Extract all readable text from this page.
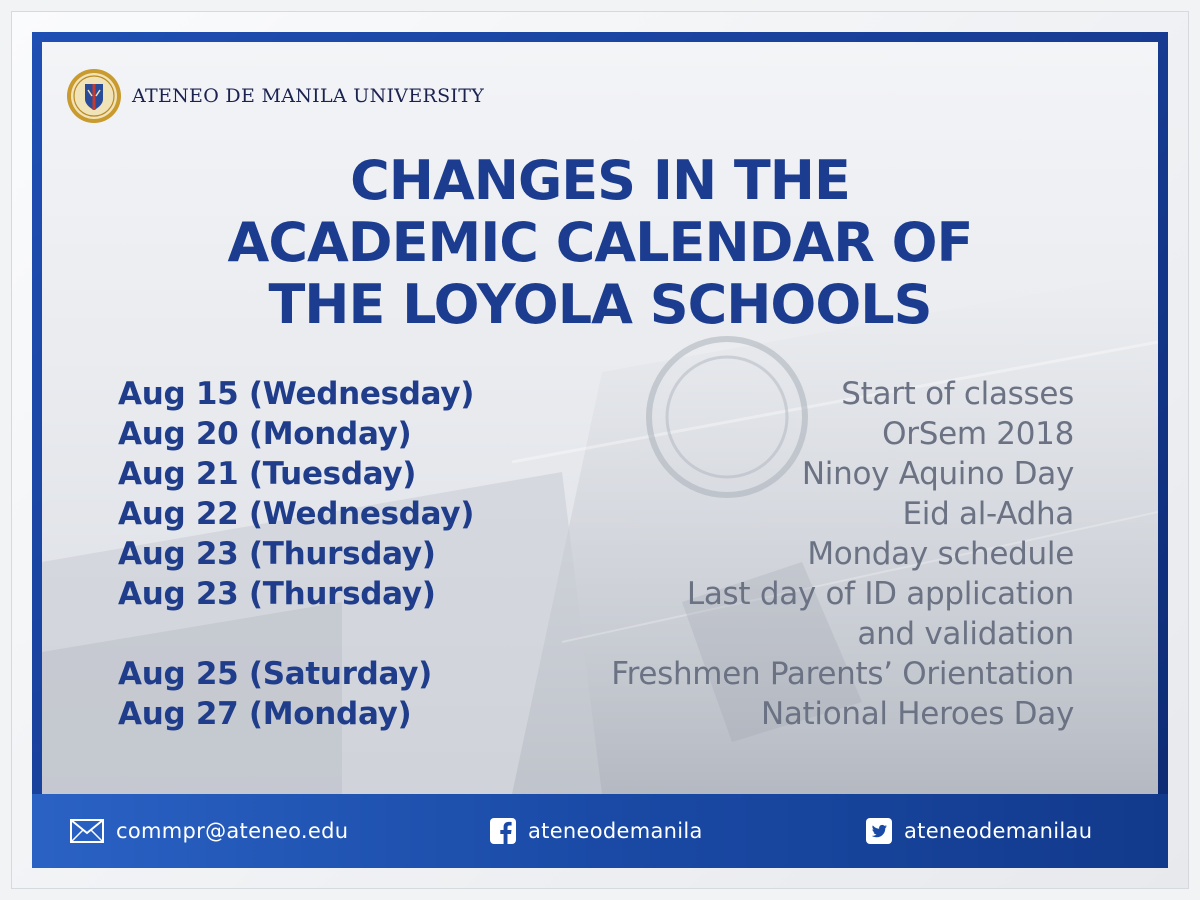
ATENEO DE MANILA UNIVERSITY
CHANGES IN THE
ACADEMIC CALENDAR OF
THE LOYOLA SCHOOLS
Aug 15 (Wednesday)	Start of classes
Aug 20 (Monday)	OrSem 2018
Aug 21 (Tuesday)	Ninoy Aquino Day
Aug 22 (Wednesday)	Eid al-Adha
Aug 23 (Thursday)	Monday schedule
Aug 23 (Thursday)	Last day of ID application
and validation
Aug 25 (Saturday)	Freshmen Parents’ Orientation
Aug 27 (Monday)	National Heroes Day
commpr@ateneo.edu	ateneodemanila	ateneodemanilau
